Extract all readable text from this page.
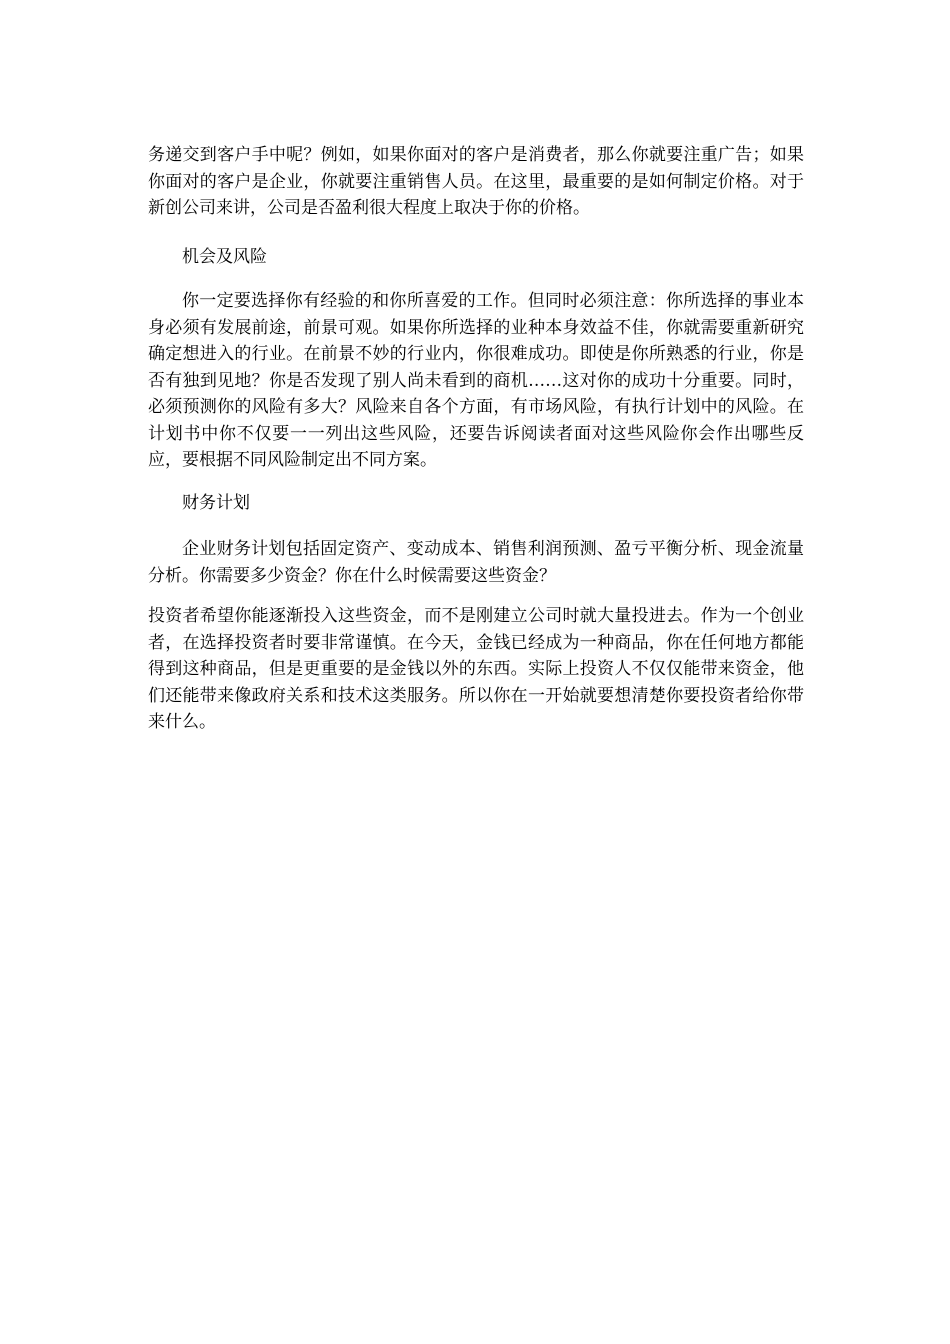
务递交到客户手中呢？例如，如果你面对的客户是消费者，那么你就要注重广告；如果你面对的客户是企业，你就要注重销售人员。在这里，最重要的是如何制定价格。对于新创公司来讲，公司是否盈利很大程度上取决于你的价格。

机会及风险

你一定要选择你有经验的和你所喜爱的工作。但同时必须注意：你所选择的事业本身必须有发展前途，前景可观。如果你所选择的业种本身效益不佳，你就需要重新研究确定想进入的行业。在前景不妙的行业内，你很难成功。即使是你所熟悉的行业，你是否有独到见地？你是否发现了别人尚未看到的商机……这对你的成功十分重要。同时，必须预测你的风险有多大？风险来自各个方面，有市场风险，有执行计划中的风险。在计划书中你不仅要一一列出这些风险，还要告诉阅读者面对这些风险你会作出哪些反应，要根据不同风险制定出不同方案。

财务计划

企业财务计划包括固定资产、变动成本、销售利润预测、盈亏平衡分析、现金流量分析。你需要多少资金？你在什么时候需要这些资金？

投资者希望你能逐渐投入这些资金，而不是刚建立公司时就大量投进去。作为一个创业者，在选择投资者时要非常谨慎。在今天，金钱已经成为一种商品，你在任何地方都能得到这种商品，但是更重要的是金钱以外的东西。实际上投资人不仅仅能带来资金，他们还能带来像政府关系和技术这类服务。所以你在一开始就要想清楚你要投资者给你带来什么。
